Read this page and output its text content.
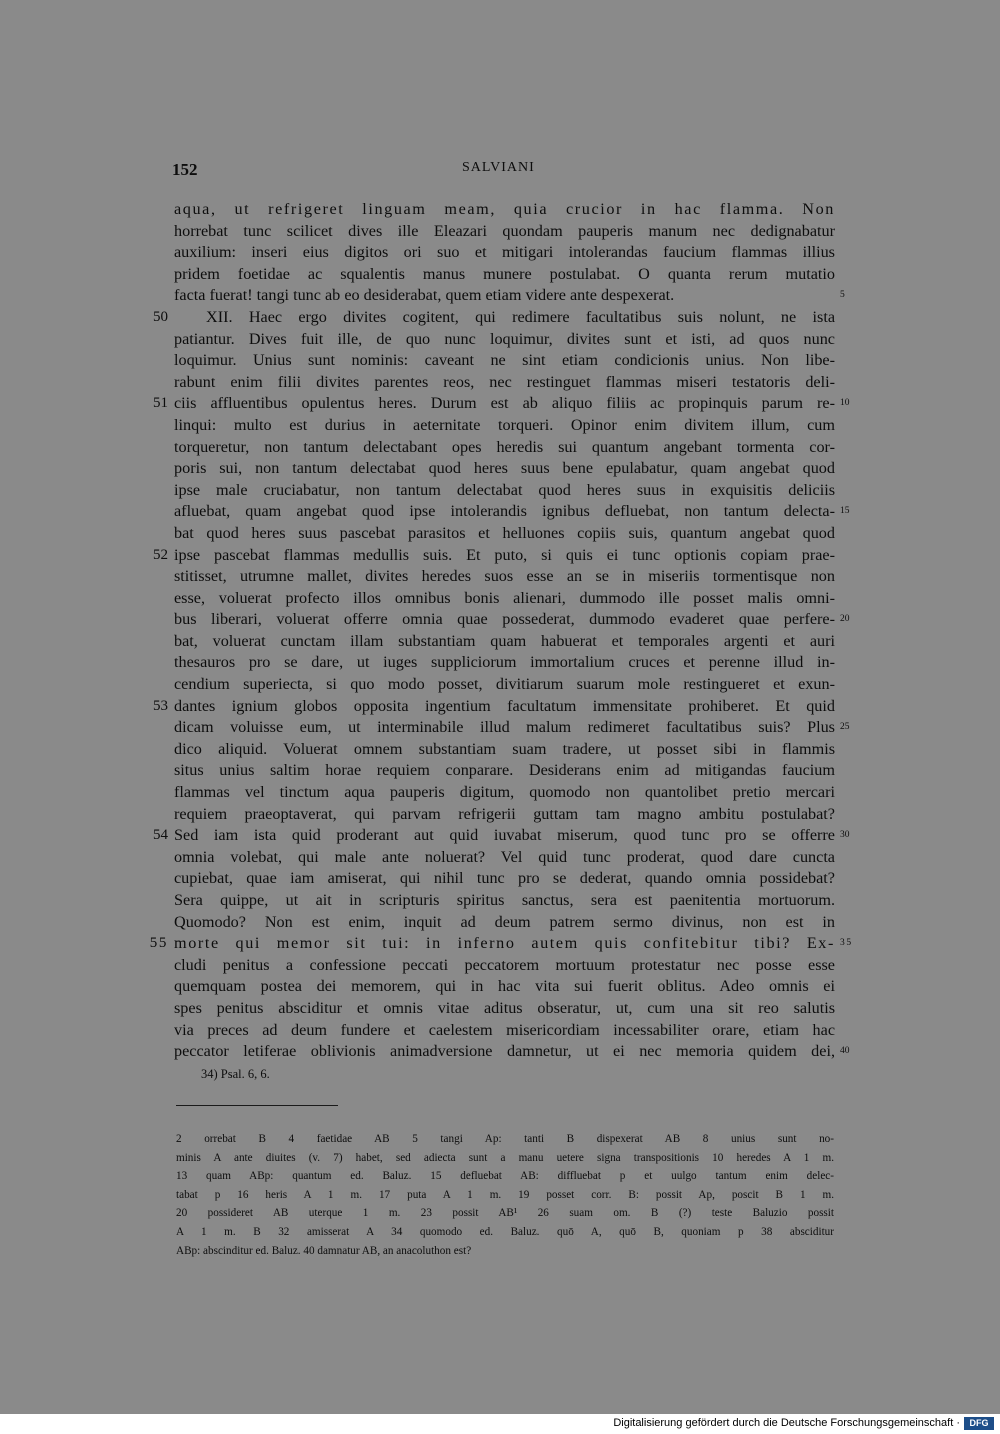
152	SALVIANI
aqua, ut refrigeret linguam meam, quia crucior in hac flamma. Non
horrebat tunc scilicet dives ille Eleazari quondam pauperis manum nec dedignabatur
auxilium: inseri eius digitos ori suo et mitigari intolerandas faucium flammas illius
pridem foetidae ac squalentis manus munere postulabat. O quanta rerum mutatio
facta fuerat! tangi tunc ab eo desiderabat, quem etiam videre ante despexerat.	5
XII. Haec ergo divites cogitent, qui redimere facultatibus suis nolunt, ne ista
50
patiantur. Dives fuit ille, de quo nunc loquimur, divites sunt et isti, ad quos nunc
loquimur. Unius sunt nominis: caveant ne sint etiam condicionis unius. Non libe-
rabunt enim filii divites parentes reos, nec restinguet flammas miseri testatoris deli-
ciis affluentibus opulentus heres. Durum est ab aliquo filiis ac propinquis parum re-
51	10
linqui: multo est durius in aeternitate torqueri. Opinor enim divitem illum, cum
torqueretur, non tantum delectabant opes heredis sui quantum angebant tormenta cor-
poris sui, non tantum delectabat quod heres suus bene epulabatur, quam angebat quod
ipse male cruciabatur, non tantum delectabat quod heres suus in exquisitis deliciis
afluebat, quam angebat quod ipse intolerandis ignibus defluebat, non tantum delecta- 15
bat quod heres suus pascebat parasitos et helluones copiis suis, quantum angebat quod
ipse pascebat flammas medullis suis. Et puto, si quis ei tunc optionis copiam prae-
52
stitisset, utrumne mallet, divites heredes suos esse an se in miseriis tormentisque non
esse, voluerat profecto illos omnibus bonis alienari, dummodo ille posset malis omni-
bus liberari, voluerat offerre omnia quae possederat, dummodo evaderet quae perfere- 20
bat, voluerat cunctam illam substantiam quam habuerat et temporales argenti et auri
thesauros pro se dare, ut iuges suppliciorum immortalium cruces et perenne illud in-
cendium superiecta, si quo modo posset, divitiarum suarum mole restingueret et exun-
dantes ignium globos opposita ingentium facultatum immensitate prohiberet. Et quid
53
dicam voluisse eum, ut interminabile illud malum redimeret facultatibus suis? Plus 25
dico aliquid. Voluerat omnem substantiam suam tradere, ut posset sibi in flammis
situs unius saltim horae requiem conparare. Desiderans enim ad mitigandas faucium
flammas vel tinctum aqua pauperis digitum, quomodo non quantolibet pretio mercari
requiem praeoptaverat, qui parvam refrigerii guttam tam magno ambitu postulabat?
Sed iam ista quid proderant aut quid iuvabat miserum, quod tunc pro se offerre
54	30
omnia volebat, qui male ante noluerat? Vel quid tunc proderat, quod dare cuncta
cupiebat, quae iam amiserat, qui nihil tunc pro se dederat, quando omnia possidebat?
Sera quippe, ut ait in scripturis spiritus sanctus, sera est paenitentia mortuorum.
Quomodo? Non est enim, inquit ad deum patrem sermo divinus, non est in
morte qui memor sit tui: in inferno autem quis confitebitur tibi? Ex-
55	35
cludi penitus a confessione peccati peccatorem mortuum protestatur nec posse esse
quemquam postea dei memorem, qui in hac vita sui fuerit oblitus. Adeo omnis ei
spes penitus absciditur et omnis vitae aditus obseratur, ut, cum una sit reo salutis
via preces ad deum fundere et caelestem misericordiam incessabiliter orare, etiam hac
peccator letiferae oblivionis animadversione damnetur, ut ei nec memoria quidem dei, 40
34) Psal. 6, 6.
2 orrebat B 4 faetidae AB 5 tangi Ap: tanti B dispexerat AB 8 unius sunt no-
minis A ante diuites (v. 7) habet, sed adiecta sunt a manu uetere signa transpositionis 10 heredes A 1 m.
13 quam ABp: quantum ed. Baluz. 15 defluebat AB: diffluebat p et uulgo tantum enim delec-
tabat p 16 heris A 1 m. 17 puta A 1 m. 19 posset corr. B: possit Ap, poscit B 1 m.
20 possideret AB uterque 1 m. 23 possit AB¹ 26 suam om. B (?) teste Baluzio possit
A 1 m. B 32 amisserat A 34 quomodo ed. Baluz. quō A, quō B, quoniam p 38 absciditur
ABp: abscinditur ed. Baluz. 40 damnatur AB, an anacoluthon est?
Digitalisierung gefördert durch die Deutsche Forschungsgemeinschaft ·	DFG
